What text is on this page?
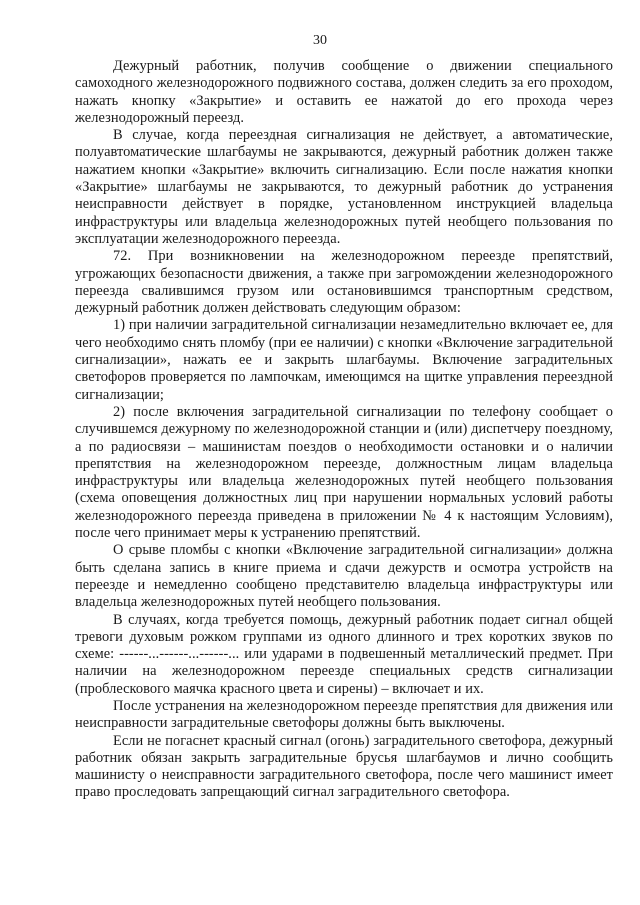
30

Дежурный работник, получив сообщение о движении специального самоходного железнодорожного подвижного состава, должен следить за его проходом, нажать кнопку «Закрытие» и оставить ее нажатой до его прохода через железнодорожный переезд.

В случае, когда переездная сигнализация не действует, а автоматические, полуавтоматические шлагбаумы не закрываются, дежурный работник должен также нажатием кнопки «Закрытие» включить сигнализацию. Если после нажатия кнопки «Закрытие» шлагбаумы не закрываются, то дежурный работник до устранения неисправности действует в порядке, установленном инструкцией владельца инфраструктуры или владельца железнодорожных путей необщего пользования по эксплуатации железнодорожного переезда.

72. При возникновении на железнодорожном переезде препятствий, угрожающих безопасности движения, а также при загромождении железнодорожного переезда свалившимся грузом или остановившимся транспортным средством, дежурный работник должен действовать следующим образом:

1) при наличии заградительной сигнализации незамедлительно включает ее, для чего необходимо снять пломбу (при ее наличии) с кнопки «Включение заградительной сигнализации», нажать ее и закрыть шлагбаумы. Включение заградительных светофоров проверяется по лампочкам, имеющимся на щитке управления переездной сигнализации;

2) после включения заградительной сигнализации по телефону сообщает о случившемся дежурному по железнодорожной станции и (или) диспетчеру поездному, а по радиосвязи – машинистам поездов о необходимости остановки и о наличии препятствия на железнодорожном переезде, должностным лицам владельца инфраструктуры или владельца железнодорожных путей необщего пользования (схема оповещения должностных лиц при нарушении нормальных условий работы железнодорожного переезда приведена в приложении № 4 к настоящим Условиям), после чего принимает меры к устранению препятствий.

О срыве пломбы с кнопки «Включение заградительной сигнализации» должна быть сделана запись в книге приема и сдачи дежурств и осмотра устройств на переезде и немедленно сообщено представителю владельца инфраструктуры или владельца железнодорожных путей необщего пользования.

В случаях, когда требуется помощь, дежурный работник подает сигнал общей тревоги духовым рожком группами из одного длинного и трех коротких звуков по схеме: ------...------...------... или ударами в подвешенный металлический предмет. При наличии на железнодорожном переезде специальных средств сигнализации (проблескового маячка красного цвета и сирены) – включает и их.

После устранения на железнодорожном переезде препятствия для движения или неисправности заградительные светофоры должны быть выключены.

Если не погаснет красный сигнал (огонь) заградительного светофора, дежурный работник обязан закрыть заградительные брусья шлагбаумов и лично сообщить машинисту о неисправности заградительного светофора, после чего машинист имеет право проследовать запрещающий сигнал заградительного светофора.
